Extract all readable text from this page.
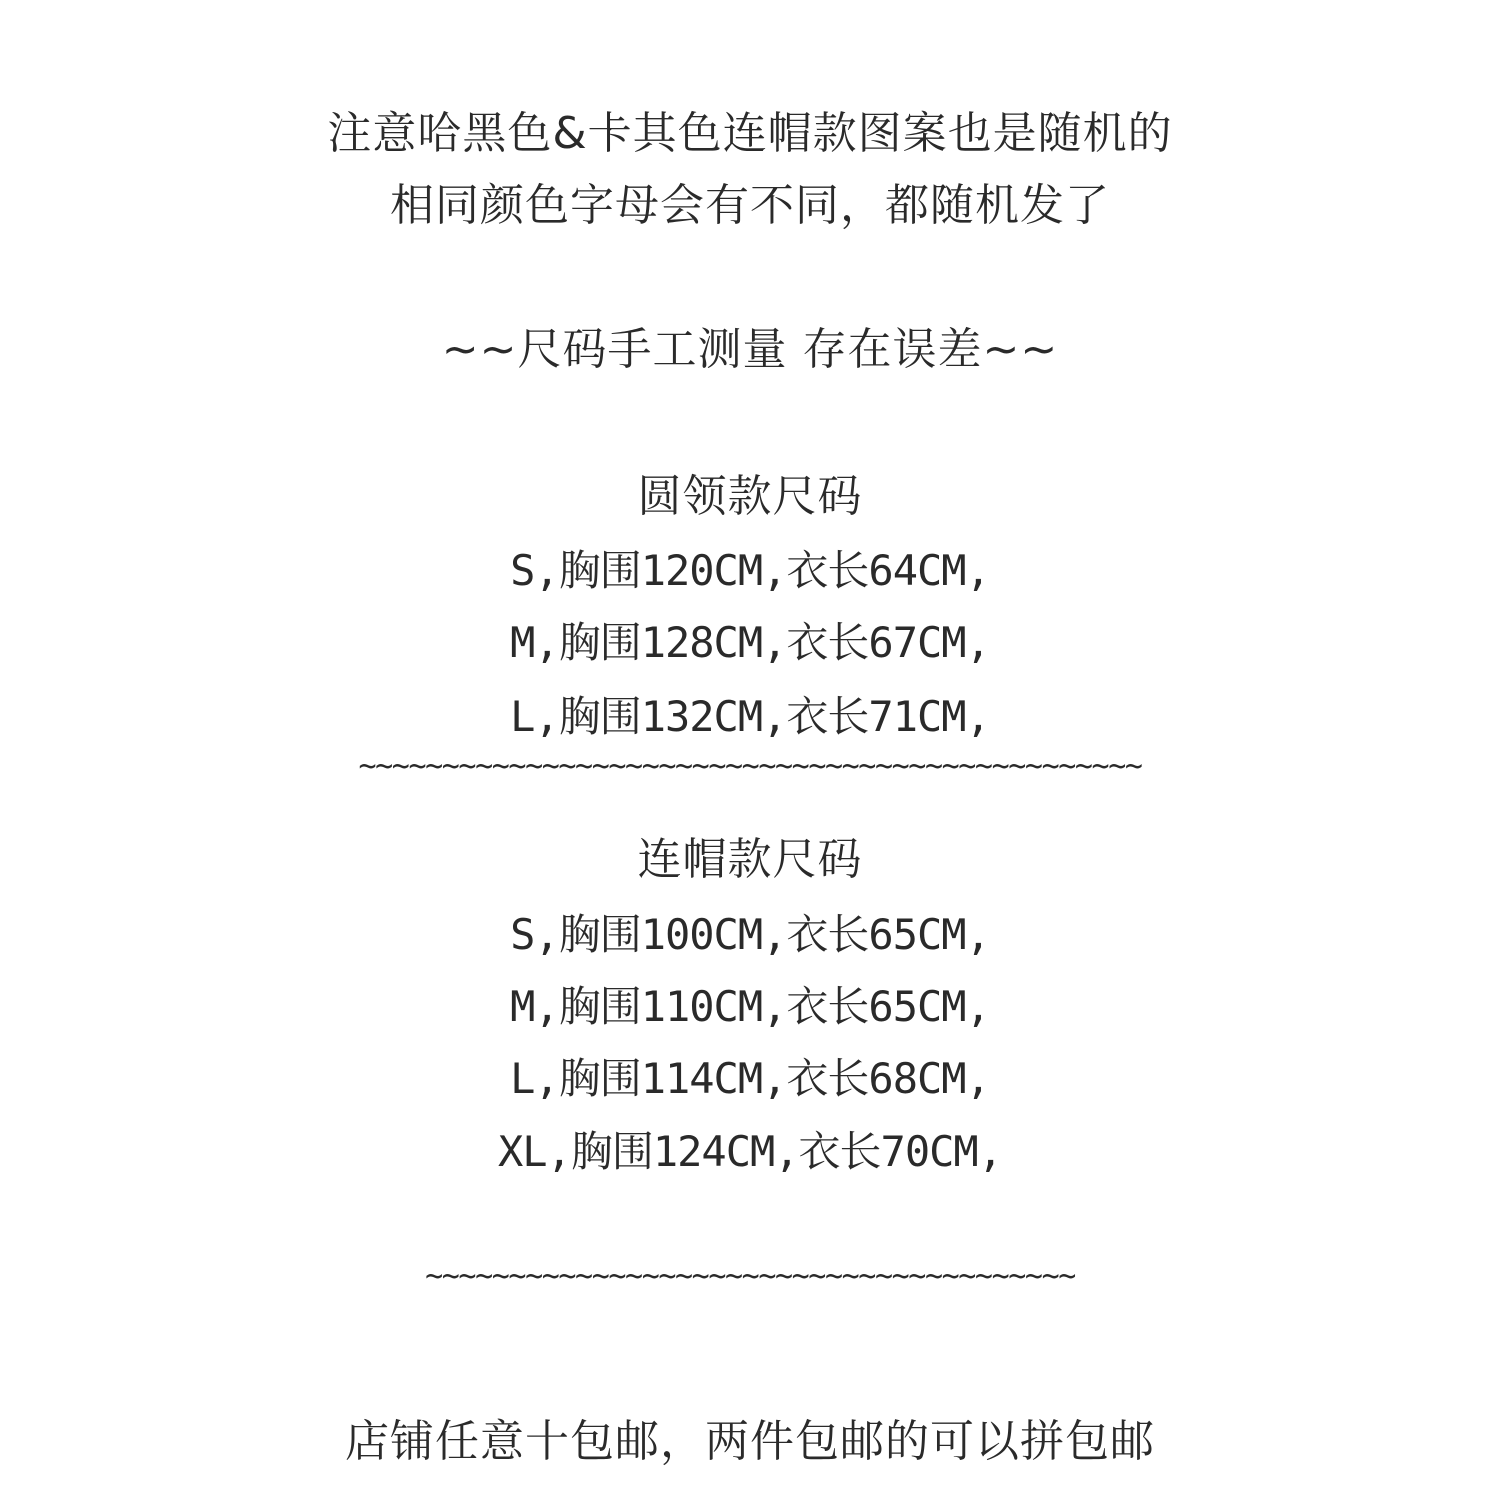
注意哈黑色&卡其色连帽款图案也是随机的
相同颜色字母会有不同，都随机发了
~~尺码手工测量 存在误差~~
圆领款尺码
S,胸围120CM,衣长64CM,
M,胸围128CM,衣长67CM,
L,胸围132CM,衣长71CM,
~~~~~~~~~~~~~~~~~~~~~~~~~~~~~~~~~~~~~~~~~~~~~~~
连帽款尺码
S,胸围100CM,衣长65CM,
M,胸围110CM,衣长65CM,
L,胸围114CM,衣长68CM,
XL,胸围124CM,衣长70CM,
~~~~~~~~~~~~~~~~~~~~~~~~~~~~~~~~~~~~~~~
店铺任意十包邮，两件包邮的可以拼包邮
